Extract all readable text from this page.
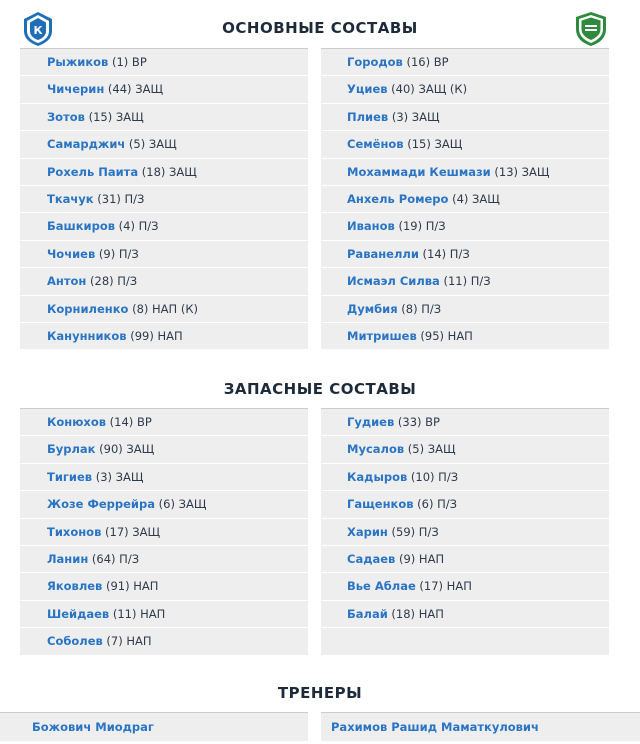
К	ОСНОВНЫЕ СОСТАВЫ
ЗАПАСНЫЕ СОСТАВЫ
ТРЕНЕРЫ
Рыжиков (1) ВР
Чичерин (44) ЗАЩ
Зотов (15) ЗАЩ
Самарджич (5) ЗАЩ
Рохель Паита (18) ЗАЩ
Ткачук (31) П/З
Башкиров (4) П/З
Чочиев (9) П/З
Антон (28) П/З
Корниленко (8) НАП (К)
Канунников (99) НАП
Городов (16) ВР
Уциев (40) ЗАЩ (К)
Плиев (3) ЗАЩ
Семёнов (15) ЗАЩ
Мохаммади Кешмази (13) ЗАЩ
Анхель Ромеро (4) ЗАЩ
Иванов (19) П/З
Раванелли (14) П/З
Исмаэл Силва (11) П/З
Думбия (8) П/З
Митришев (95) НАП
Конюхов (14) ВР
Бурлак (90) ЗАЩ
Тигиев (3) ЗАЩ
Жозе Феррейра (6) ЗАЩ
Тихонов (17) ЗАЩ
Ланин (64) П/З
Яковлев (91) НАП
Шейдаев (11) НАП
Соболев (7) НАП
Гудиев (33) ВР
Мусалов (5) ЗАЩ
Кадыров (10) П/З
Гащенков (6) П/З
Харин (59) П/З
Садаев (9) НАП
Вье Аблае (17) НАП
Балай (18) НАП
Божович Миодраг	Рахимов Рашид Маматкулович
